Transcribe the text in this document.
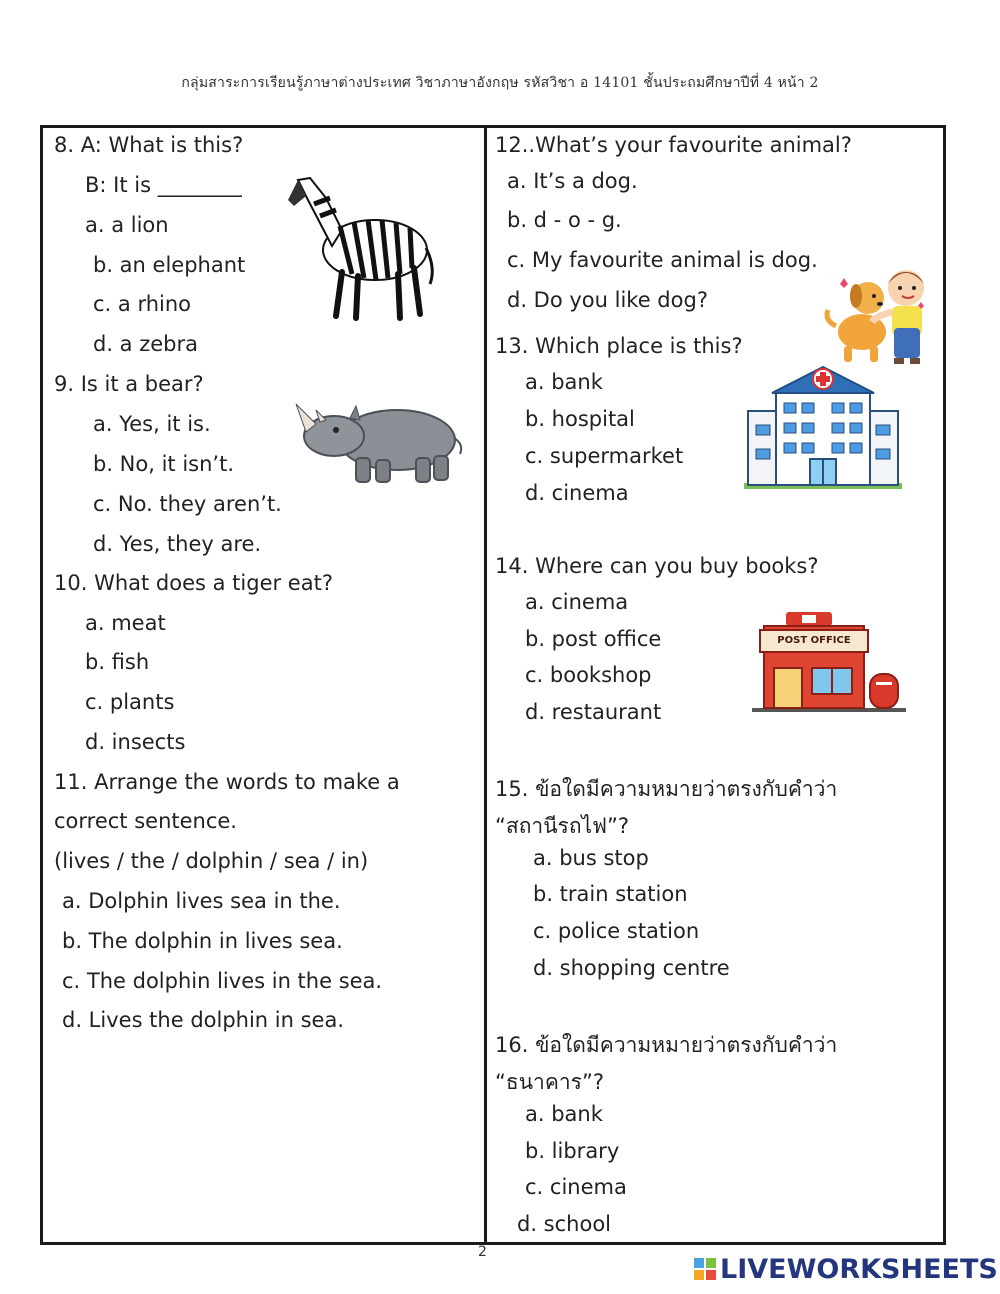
กลุ่มสาระการเรียนรู้ภาษาต่างประเทศ วิชาภาษาอังกฤษ รหัสวิชา อ 14101 ชั้นประถมศึกษาปีที่ 4 หน้า 2
8. A: What is this?
B: It is ________
a. a lion
b. an elephant
c. a rhino
d. a zebra
9. Is it a bear?
a. Yes, it is.
b. No, it isn’t.
c. No. they aren’t.
d. Yes, they are.
10. What does a tiger eat?
a. meat
b. fish
c. plants
d. insects
11. Arrange the words to make a
correct sentence.
(lives / the / dolphin / sea / in)
a. Dolphin lives sea in the.
b. The dolphin in lives sea.
c. The dolphin lives in the sea.
d. Lives the dolphin in sea.
12..What’s your favourite animal?
a. It’s a dog.
b. d - o - g.
c. My favourite animal is dog.
d. Do you like dog?
13. Which place is this?
a. bank
b. hospital
c. supermarket
d. cinema
14. Where can you buy books?
a. cinema
b. post office
c. bookshop
d. restaurant
POST OFFICE
15. ข้อใดมีความหมายว่าตรงกับคำว่า
“สถานีรถไฟ”?
a. bus stop
b. train station
c. police station
d. shopping centre
16. ข้อใดมีความหมายว่าตรงกับคำว่า
“ธนาคาร”?
a. bank
b. library
c. cinema
d. school
2
LIVEWORKSHEETS
